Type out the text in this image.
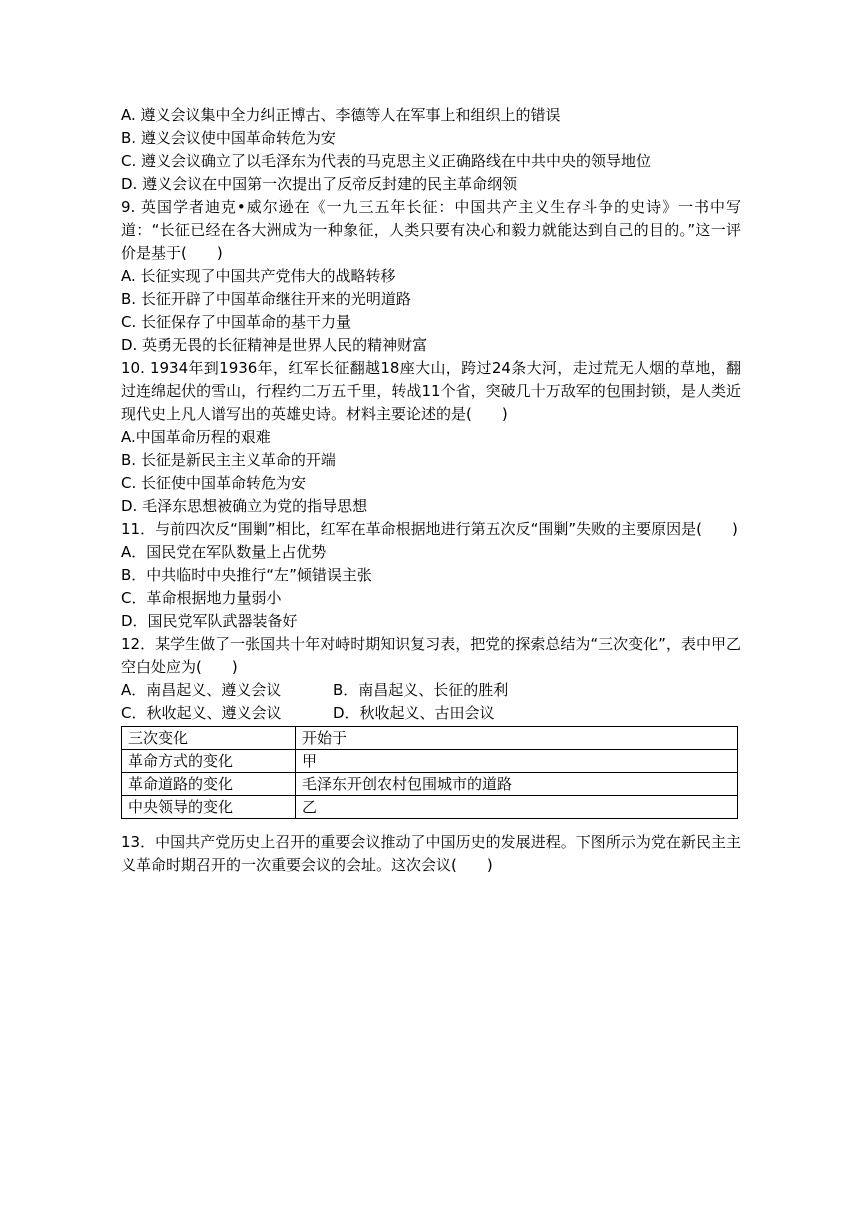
A. 遵义会议集中全力纠正博古、李德等人在军事上和组织上的错误
B. 遵义会议使中国革命转危为安
C. 遵义会议确立了以毛泽东为代表的马克思主义正确路线在中共中央的领导地位
D. 遵义会议在中国第一次提出了反帝反封建的民主革命纲领
9. 英国学者迪克•威尔逊在《一九三五年长征：中国共产主义生存斗争的史诗》一书中写道：“长征已经在各大洲成为一种象征，人类只要有决心和毅力就能达到自己的目的。”这一评价是基于(　　)
A. 长征实现了中国共产党伟大的战略转移
B. 长征开辟了中国革命继往开来的光明道路
C. 长征保存了中国革命的基干力量
D. 英勇无畏的长征精神是世界人民的精神财富
10. 1934年到1936年，红军长征翻越18座大山，跨过24条大河，走过荒无人烟的草地，翻过连绵起伏的雪山，行程约二万五千里，转战11个省，突破几十万敌军的包围封锁，是人类近现代史上凡人谱写出的英雄史诗。材料主要论述的是(　　)
A.中国革命历程的艰难
B. 长征是新民主主义革命的开端
C. 长征使中国革命转危为安
D. 毛泽东思想被确立为党的指导思想
11．与前四次反“围剿”相比，红军在革命根据地进行第五次反“围剿”失败的主要原因是(　　)
A．国民党在军队数量上占优势
B．中共临时中央推行“左”倾错误主张
C．革命根据地力量弱小
D．国民党军队武器装备好
12．某学生做了一张国共十年对峙时期知识复习表，把党的探索总结为“三次变化”，表中甲乙空白处应为(　　)
A．南昌起义、遵义会议	B．南昌起义、长征的胜利
C．秋收起义、遵义会议	D．秋收起义、古田会议
三次变化	开始于
革命方式的变化	甲
革命道路的变化	毛泽东开创农村包围城市的道路
中央领导的变化	乙
13．中国共产党历史上召开的重要会议推动了中国历史的发展进程。下图所示为党在新民主主义革命时期召开的一次重要会议的会址。这次会议(　　)
